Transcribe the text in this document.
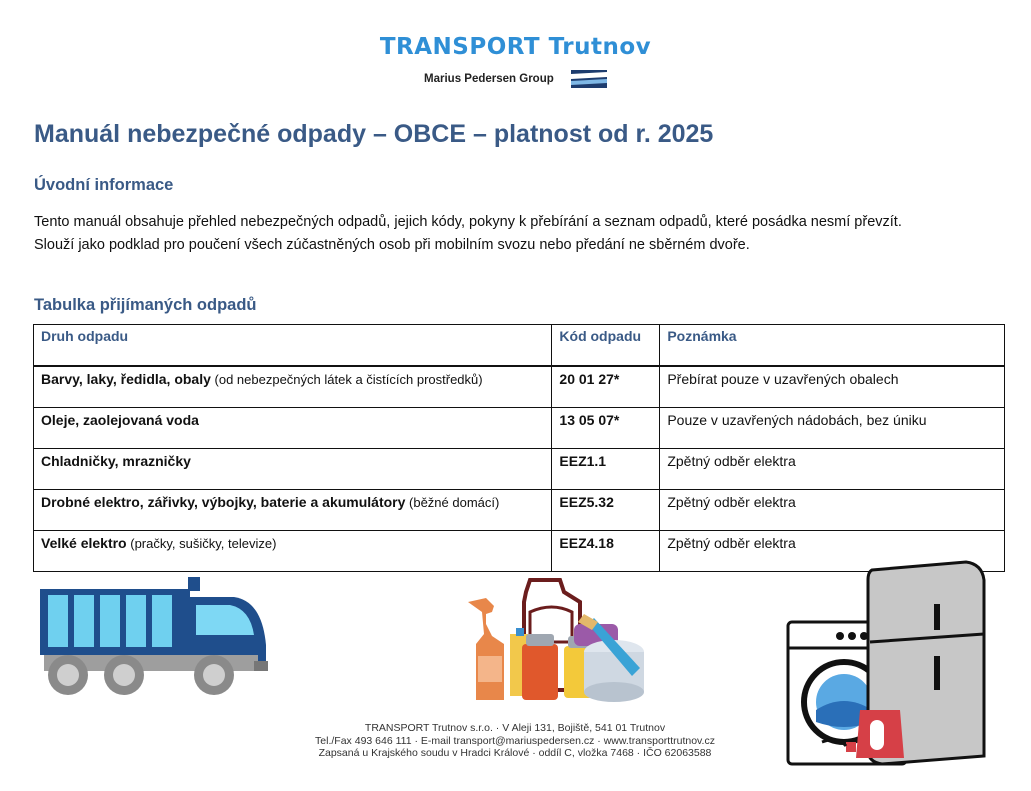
TRANSPORT Trutnov
Marius Pedersen Group
Manuál nebezpečné odpady – OBCE – platnost od r. 2025
Úvodní informace

Tento manuál obsahuje přehled nebezpečných odpadů, jejich kódy, pokyny k přebírání a seznam odpadů, které posádka nesmí převzít.

Slouží jako podklad pro poučení všech zúčastněných osob při mobilním svozu nebo předání ne sběrném dvoře.

Tabulka přijímaných odpadů
Druh odpadu	Kód odpadu	Poznámka

Barvy, laky, ředidla, obaly (od nebezpečných látek a čistících prostředků)	20 01 27*	Přebírat pouze v uzavřených obalech
Oleje, zaolejovaná voda	13 05 07*	Pouze v uzavřených nádobách, bez úniku
Chladničky, mrazničky	EEZ1.1	Zpětný odběr elektra
Drobné elektro, zářivky, výbojky, baterie a akumulátory (běžné domácí)	EEZ5.32	Zpětný odběr elektra
Velké elektro (pračky, sušičky, televize)	EEZ4.18	Zpětný odběr elektra
TRANSPORT Trutnov s.r.o. · V Aleji 131, Bojiště, 541 01 Trutnov
Tel./Fax 493 646 111 · E-mail transport@mariuspedersen.cz · www.transporttrutnov.cz
Zapsaná u Krajského soudu v Hradci Králové · oddíl C, vložka 7468 · IČO 62063588
